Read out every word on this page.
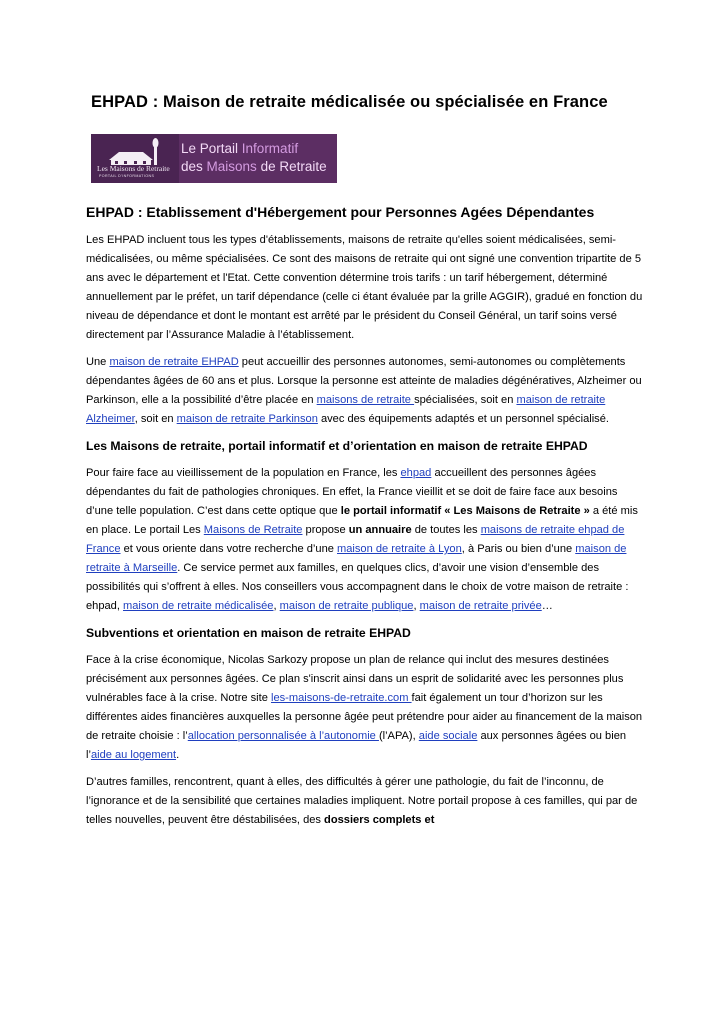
EHPAD : Maison de retraite médicalisée ou spécialisée en France
Les Maisons de Retraite
PORTAIL D'INFORMATIONS
Le Portail Informatif
des Maisons de Retraite
EHPAD : Etablissement d'Hébergement pour Personnes Agées Dépendantes

Les EHPAD incluent tous les types d'établissements, maisons de retraite qu'elles soient médicalisées, semi-médicalisées, ou même spécialisées. Ce sont des maisons de retraite qui ont signé une convention tripartite de 5 ans avec le département et l'Etat. Cette convention détermine trois tarifs : un tarif hébergement, déterminé annuellement par le préfet, un tarif dépendance (celle ci étant évaluée par la grille AGGIR), gradué en fonction du niveau de dépendance et dont le montant est arrêté par le président du Conseil Général, un tarif soins versé directement par l’Assurance Maladie à l’établissement.

Une maison de retraite EHPAD peut accueillir des personnes autonomes, semi-autonomes ou complètements dépendantes âgées de 60 ans et plus. Lorsque la personne est atteinte de maladies dégénératives, Alzheimer ou Parkinson, elle a la possibilité d’être placée en maisons de retraite spécialisées, soit en maison de retraite Alzheimer, soit en maison de retraite Parkinson avec des équipements adaptés et un personnel spécialisé.

Les Maisons de retraite, portail informatif et d’orientation en maison de retraite EHPAD

Pour faire face au vieillissement de la population en France, les ehpad accueillent des personnes âgées dépendantes du fait de pathologies chroniques. En effet, la France vieillit et se doit de faire face aux besoins d’une telle population. C’est dans cette optique que le portail informatif « Les Maisons de Retraite » a été mis en place. Le portail Les Maisons de Retraite propose un annuaire de toutes les maisons de retraite ehpad de France et vous oriente dans votre recherche d’une maison de retraite à Lyon, à Paris ou bien d’une maison de retraite à Marseille. Ce service permet aux familles, en quelques clics, d’avoir une vision d’ensemble des possibilités qui s’offrent à elles. Nos conseillers vous accompagnent dans le choix de votre maison de retraite : ehpad, maison de retraite médicalisée, maison de retraite publique, maison de retraite privée…

Subventions et orientation en maison de retraite EHPAD

Face à la crise économique, Nicolas Sarkozy propose un plan de relance qui inclut des mesures destinées précisément aux personnes âgées. Ce plan s'inscrit ainsi dans un esprit de solidarité avec les personnes plus vulnérables face à la crise. Notre site les-maisons-de-retraite.com fait également un tour d’horizon sur les différentes aides financières auxquelles la personne âgée peut prétendre pour aider au financement de la maison de retraite choisie : l’allocation personnalisée à l’autonomie (l’APA), aide sociale aux personnes âgées ou bien l’aide au logement.

D’autres familles, rencontrent, quant à elles, des difficultés à gérer une pathologie, du fait de l’inconnu, de l’ignorance et de la sensibilité que certaines maladies impliquent. Notre portail propose à ces familles, qui par de telles nouvelles, peuvent être déstabilisées, des dossiers complets et
